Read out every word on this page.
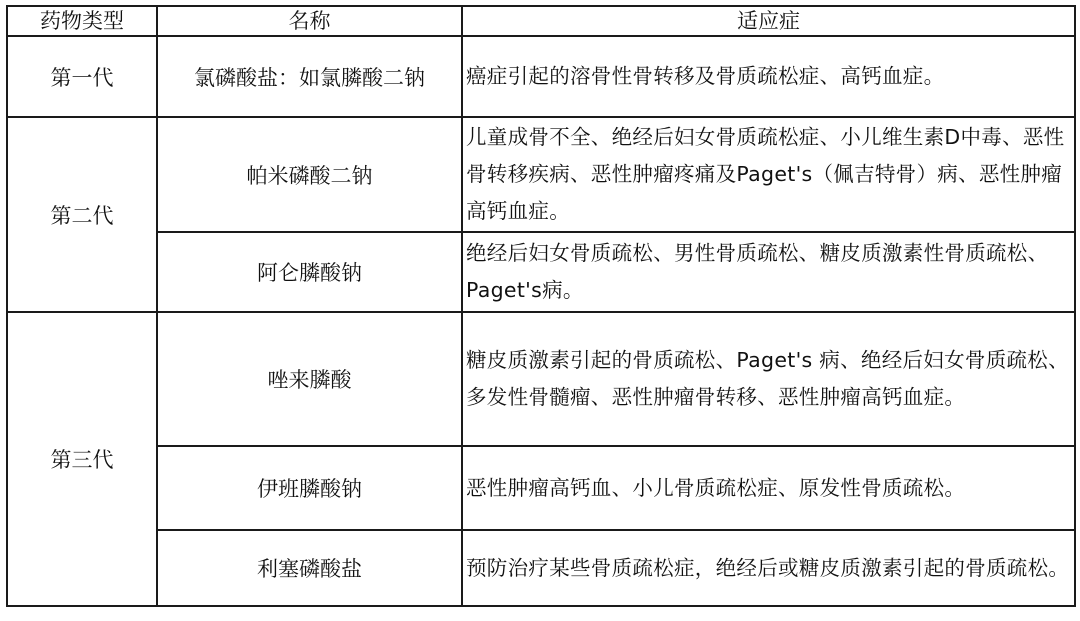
药物类型	名称	适应症
第一代	氯磷酸盐：如氯膦酸二钠	癌症引起的溶骨性骨转移及骨质疏松症、高钙血症。
第二代	帕米磷酸二钠	儿童成骨不全、绝经后妇女骨质疏松症、小儿维生素D中毒、恶性骨转移疾病、恶性肿瘤疼痛及Paget's（佩吉特骨）病、恶性肿瘤高钙血症。
	阿仑膦酸钠	绝经后妇女骨质疏松、男性骨质疏松、糖皮质激素性骨质疏松、Paget's病。
第三代	唑来膦酸	糖皮质激素引起的骨质疏松、Paget's 病、绝经后妇女骨质疏松、多发性骨髓瘤、恶性肿瘤骨转移、恶性肿瘤高钙血症。
	伊班膦酸钠	恶性肿瘤高钙血、小儿骨质疏松症、原发性骨质疏松。
	利塞磷酸盐	预防治疗某些骨质疏松症，绝经后或糖皮质激素引起的骨质疏松。
